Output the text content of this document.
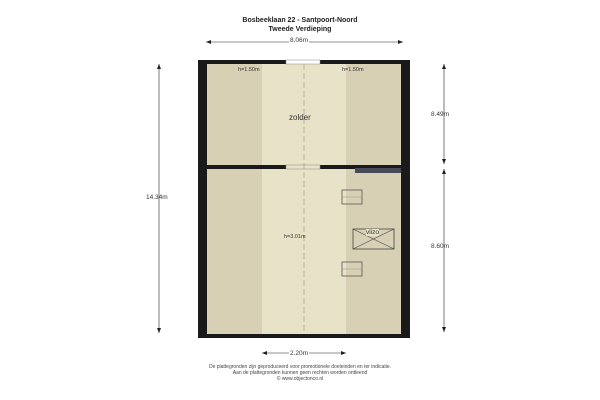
Bosbeeklaan 22 - Santpoort-Noord
Tweede Verdieping
8.06m
14.34m
8.49m
8.60m
2.20m
h=1.50m	h=1.50m
zolder
h=3.01m
vlizo
De plattegronden zijn geproduceerd voor promotionele doeleinden en ter indicatie.
Aan de plattegronden kunnen geen rechten worden ontleend
© www.objectonco.nl
